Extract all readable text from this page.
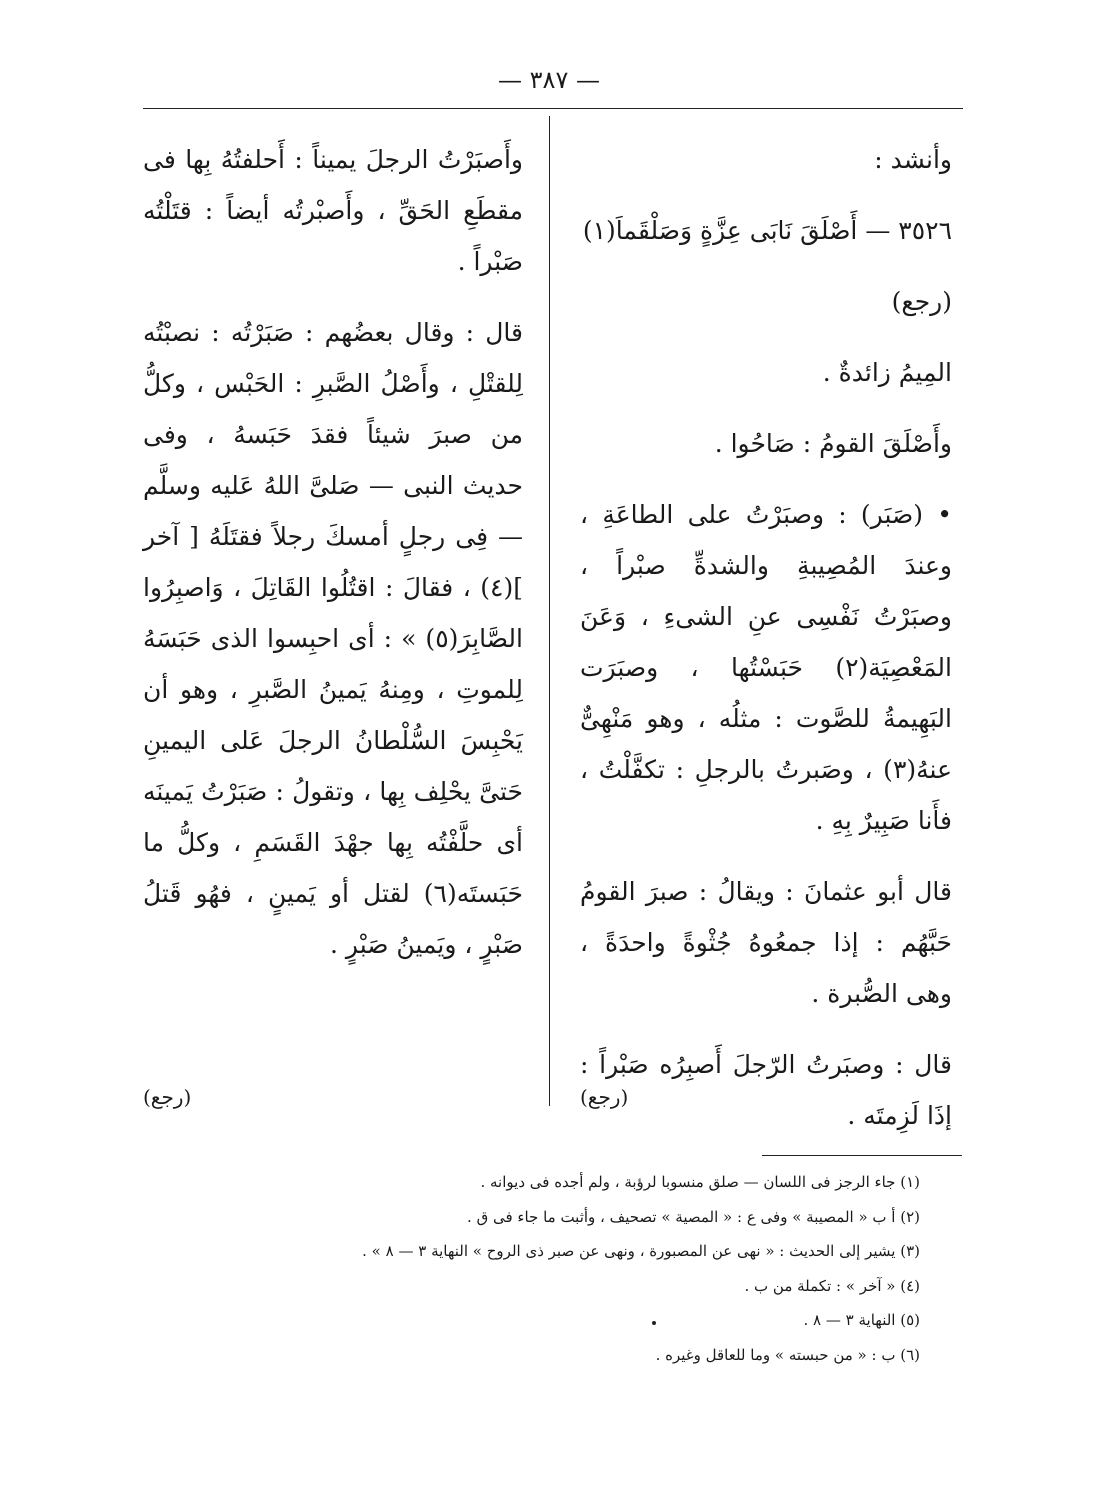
— ٣٨٧ —

وأنشد :

٣٥٢٦ — أَصْلَقَ نَابَى عِزَّةٍ وَصَلْقَماَ(١)

(رجع)

المِيمُ زائدةٌ .

وأَصْلَقَ القومُ : صَاحُوا .

• (صَبَر) : وصبَرْتُ على الطاعَةِ ، وعندَ المُصِيبةِ والشدةِّ صبْراً ، وصبَرْتُ نَفْسِى عنِ الشىءِ ، وَعَنَ المَعْصِيَة(٢) حَبَسْتُها ، وصبَرَت البَهِيمةُ للصَّوت : مثلُه ، وهو مَنْهِىٌّ عنهُ(٣) ، وصَبرتُ بالرجلِ : تكفَّلْتُ ، فأَنا صَبِيرٌ بِهِ .

قال أبو عثمانَ : ويقالُ : صبرَ القومُ حَبَّهُم : إذا جمعُوهُ جُثْوةً واحدَةً ، وهى الصُّبرة .

قال : وصبَرتُ الرّجلَ أَصبِرُه صَبْراً : إذَا لَزِمتَه .

(رجع)

وأَصبَرْتُ الرجلَ يميناً : أَحلفتُهُ بِها فى مقطَعِ الحَقِّ ، وأَصبْرتُه أيضاً : قتَلْتُه صَبْراً .

قال : وقال بعضُهم : صَبَرْتُه : نصبْتُه لِلقتْلِ ، وأَصْلُ الصَّبرِ : الحَبْس ، وكلُّ من صبرَ شيئاً فقدَ حَبَسهُ ، وفى حديث النبى — صَلىَّ اللهُ عَليه وسلَّم — فِى رجلٍ أمسكَ رجلاً فقتَلَهُ [ آخر ](٤) ، فقالَ : اقتُلُوا القَاتِلَ ، وَاصبِرُوا الصَّابِرَ(٥) » : أى احبِسوا الذى حَبَسَهُ لِلموتِ ، ومِنهُ يَمينُ الصَّبرِ ، وهو أن يَحْبِسَ السُّلْطانُ الرجلَ عَلى اليمينِ حَتىَّ يحْلِف بِها ، وتقولُ : صَبَرْتُ يَمينَه أى حلَّفْتُه بِها جهْدَ القَسَمِ ، وكلُّ ما حَبَستَه(٦) لقتل أو يَمينٍ ، فهُو قَتلُ صَبْرٍ ، ويَمينُ صَبْرٍ .

(رجع)
(١) جاء الرجز فى اللسان — صلق منسوبا لرؤبة ، ولم أجده فى ديوانه .
(٢) أ ب « المصيبة » وفى ع : « المصية » تصحيف ، وأثبت ما جاء فى ق .
(٣) يشير إلى الحديث : « نهى عن المصبورة ، ونهى عن صبر ذى الروح » النهاية ٣ — ٨ » .
(٤) « آخر » : تكملة من ب .
(٥) النهاية ٣ — ٨ .
(٦) ب : « من حبسته » وما للعاقل وغيره .
